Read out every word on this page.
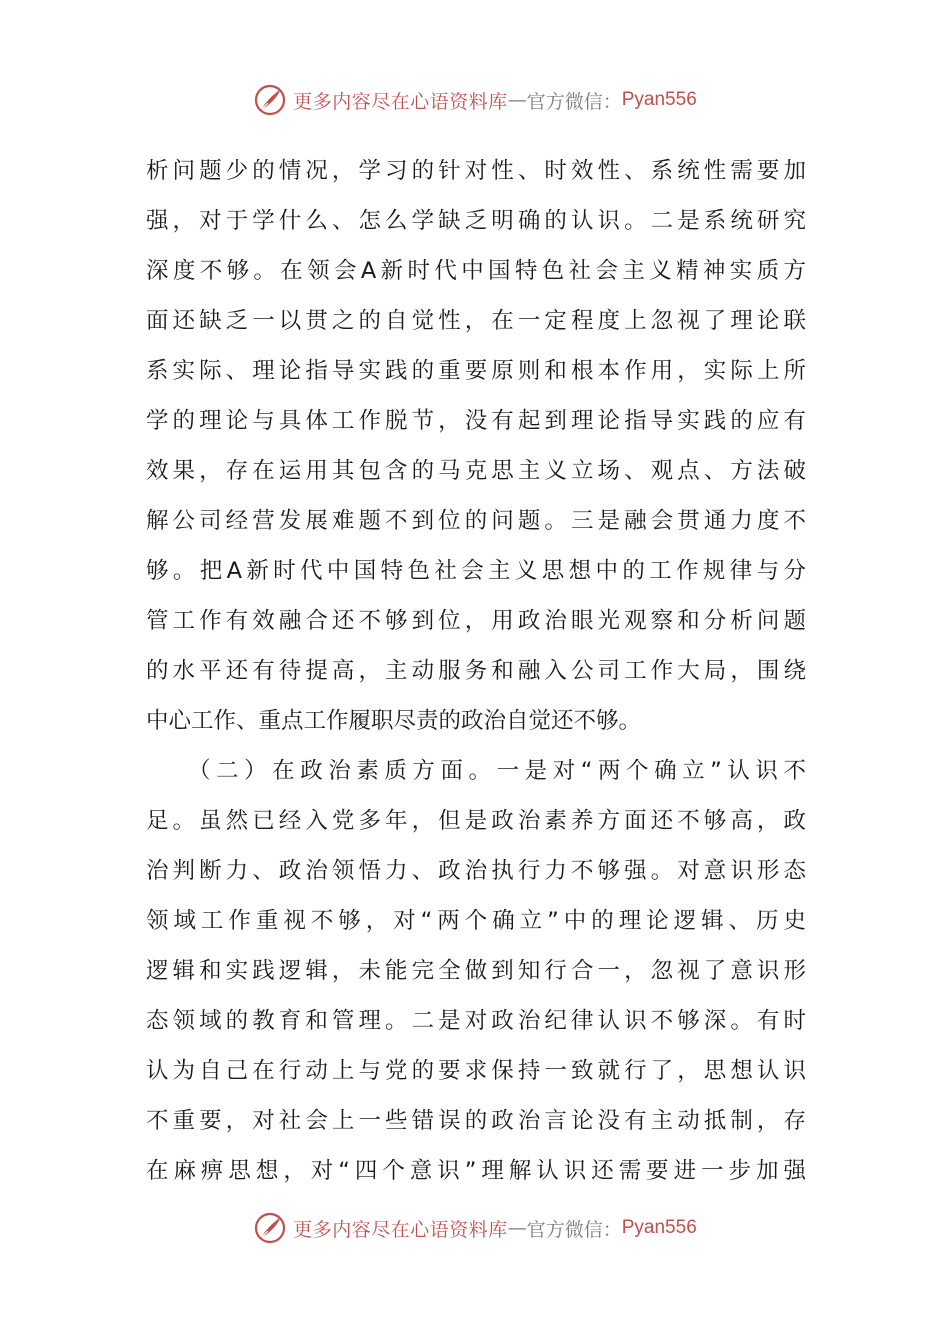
更多内容尽在心语资料库 — 官方微信： Pyan556
析问题少的情况，学习的针对性、时效性、系统性需要加
强，对于学什么、怎么学缺乏明确的认识。二是系统研究
深度不够。在领会A新时代中国特色社会主义精神实质方
面还缺乏一以贯之的自觉性，在一定程度上忽视了理论联
系实际、理论指导实践的重要原则和根本作用，实际上所
学的理论与具体工作脱节，没有起到理论指导实践的应有
效果，存在运用其包含的马克思主义立场、观点、方法破
解公司经营发展难题不到位的问题。三是融会贯通力度不
够。把A新时代中国特色社会主义思想中的工作规律与分
管工作有效融合还不够到位，用政治眼光观察和分析问题
的水平还有待提高，主动服务和融入公司工作大局，围绕
中心工作、重点工作履职尽责的政治自觉还不够。
（二）在政治素质方面。一是对“两个确立”认识不
足。虽然已经入党多年，但是政治素养方面还不够高，政
治判断力、政治领悟力、政治执行力不够强。对意识形态
领域工作重视不够，对“两个确立”中的理论逻辑、历史
逻辑和实践逻辑，未能完全做到知行合一，忽视了意识形
态领域的教育和管理。二是对政治纪律认识不够深。有时
认为自己在行动上与党的要求保持一致就行了，思想认识
不重要，对社会上一些错误的政治言论没有主动抵制，存
在麻痹思想，对“四个意识”理解认识还需要进一步加强
更多内容尽在心语资料库 — 官方微信： Pyan556
